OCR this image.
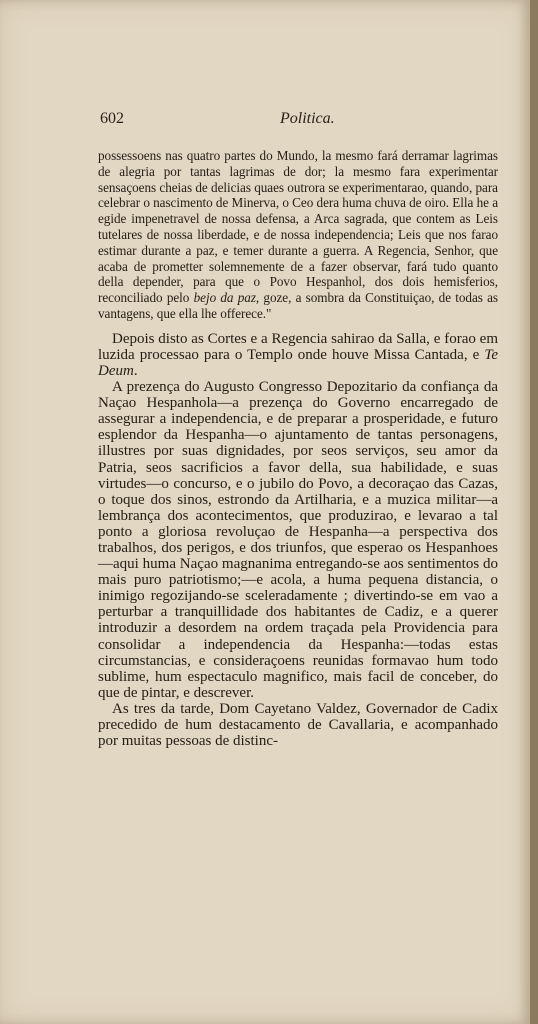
602	Politica.

possessoens nas quatro partes do Mundo, la mesmo fará derramar lagrimas de alegria por tantas lagrimas de dor; la mesmo fara experimentar sensaçoens cheias de delicias quaes outrora se experimentarao, quando, para celebrar o nascimento de Minerva, o Ceo dera huma chuva de oiro. Ella he a egide impenetravel de nossa defensa, a Arca sagrada, que contem as Leis tutelares de nossa liberdade, e de nossa independencia; Leis que nos farao estimar durante a paz, e temer durante a guerra. A Regencia, Senhor, que acaba de prometter solemnemente de a fazer observar, fará tudo quanto della depender, para que o Povo Hespanhol, dos dois hemisferios, reconciliado pelo bejo da paz, goze, a sombra da Constituiçao, de todas as vantagens, que ella lhe offerece."

Depois disto as Cortes e a Regencia sahirao da Salla, e forao em luzida processao para o Templo onde houve Missa Cantada, e Te Deum.

A prezença do Augusto Congresso Depozitario da confiança da Naçao Hespanhola—a prezença do Governo encarregado de assegurar a independencia, e de preparar a prosperidade, e futuro esplendor da Hespanha—o ajuntamento de tantas personagens, illustres por suas dignidades, por seos serviços, seu amor da Patria, seos sacrificios a favor della, sua habilidade, e suas virtudes—o concurso, e o jubilo do Povo, a decoraçao das Cazas, o toque dos sinos, estrondo da Artilharia, e a muzica militar—a lembrança dos acontecimentos, que produzirao, e levarao a tal ponto a gloriosa revoluçao de Hespanha—a perspectiva dos trabalhos, dos perigos, e dos triunfos, que esperao os Hespanhoes—aqui huma Naçao magnanima entregando-se aos sentimentos do mais puro patriotismo;—e acola, a huma pequena distancia, o inimigo regozijando-se sceleradamente ; divertindo-se em vao a perturbar a tranquillidade dos habitantes de Cadiz, e a querer introduzir a desordem na ordem traçada pela Providencia para consolidar a independencia da Hespanha:—todas estas circumstancias, e consideraçoens reunidas formavao hum todo sublime, hum espectaculo magnifico, mais facil de conceber, do que de pintar, e descrever.

As tres da tarde, Dom Cayetano Valdez, Governador de Cadix precedido de hum destacamento de Cavallaria, e acompanhado por muitas pessoas de distinc-
